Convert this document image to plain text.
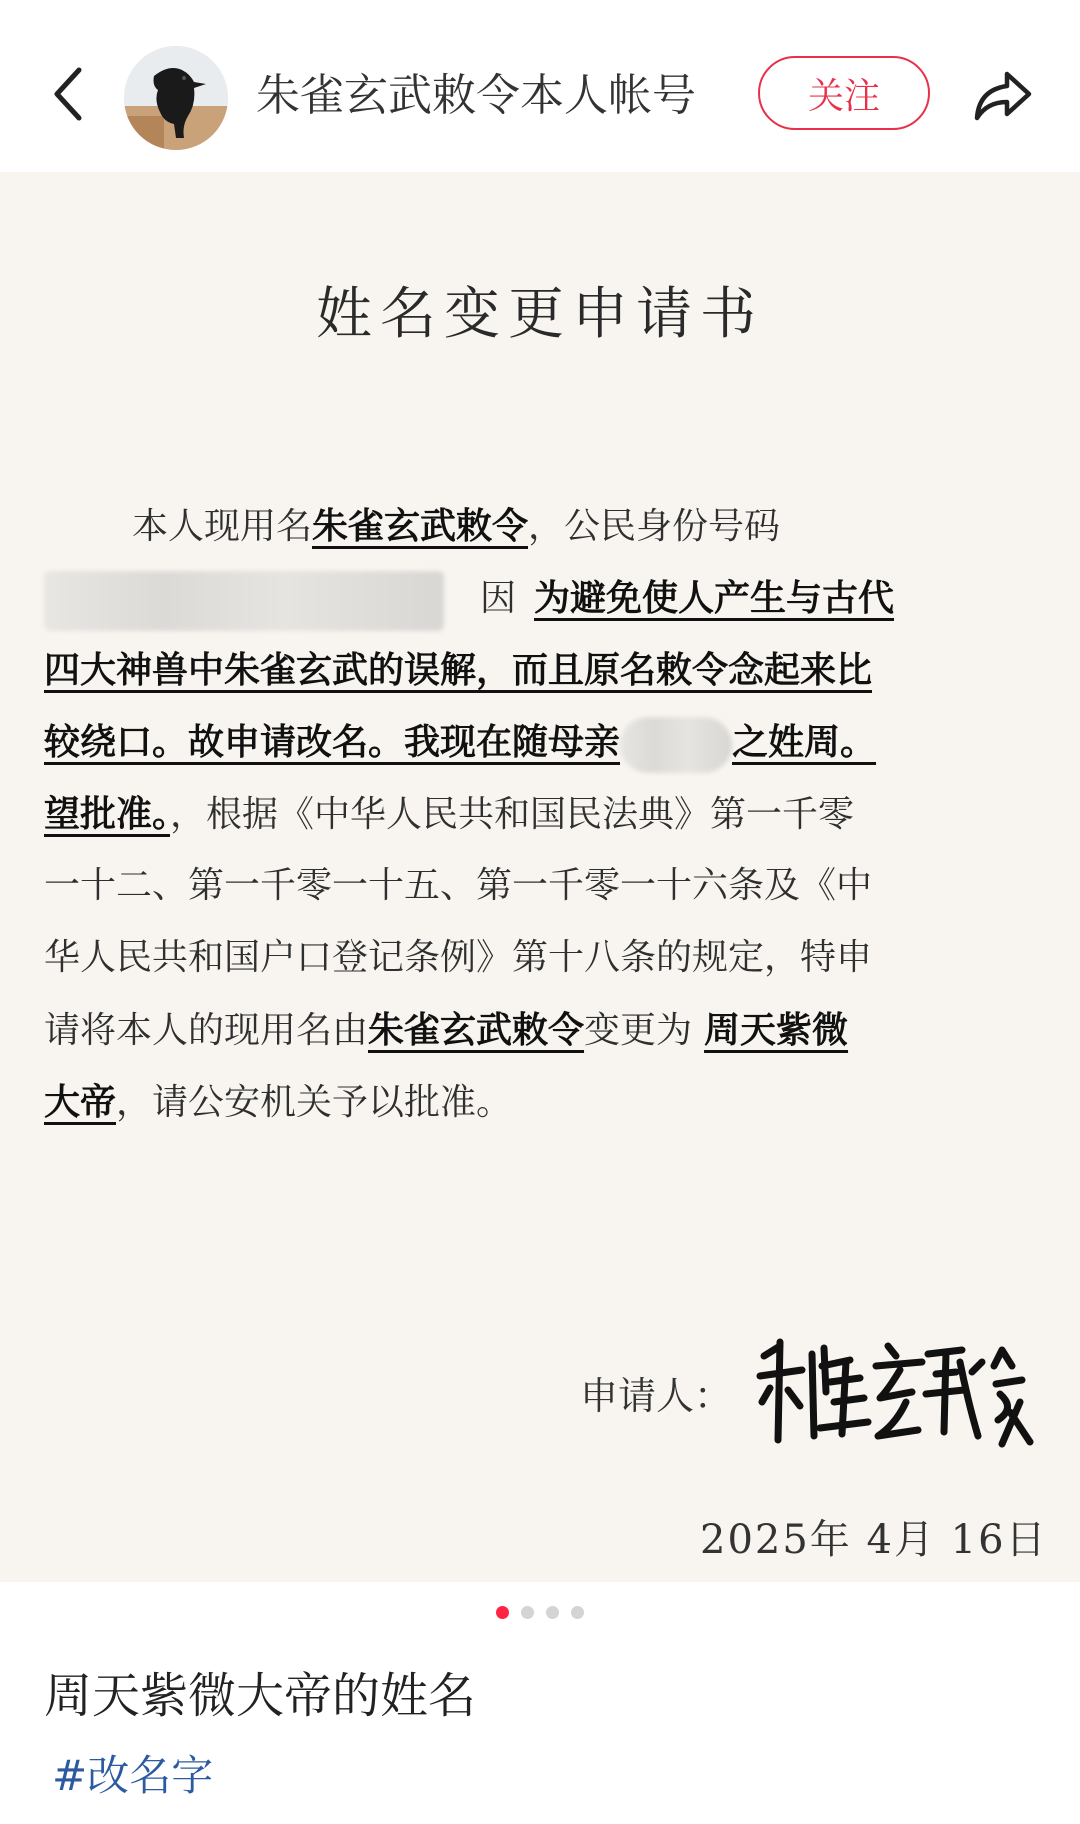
朱雀玄武敕令本人帐号	关注
姓名变更申请书
本人现用名朱雀玄武敕令，公民身份号码
因 为避免使人产生与古代
四大神兽中朱雀玄武的误解，而且原名敕令念起来比
较绕口。故申请改名。我现在随母亲	之姓周。
望批准。，根据《中华人民共和国民法典》第一千零
一十二、第一千零一十五、第一千零一十六条及《中
华人民共和国户口登记条例》第十八条的规定，特申
请将本人的现用名由朱雀玄武敕令变更为 周天紫微
大帝，请公安机关予以批准。
申请人：
2025年 4月 16日
周天紫微大帝的姓名
#改名字
